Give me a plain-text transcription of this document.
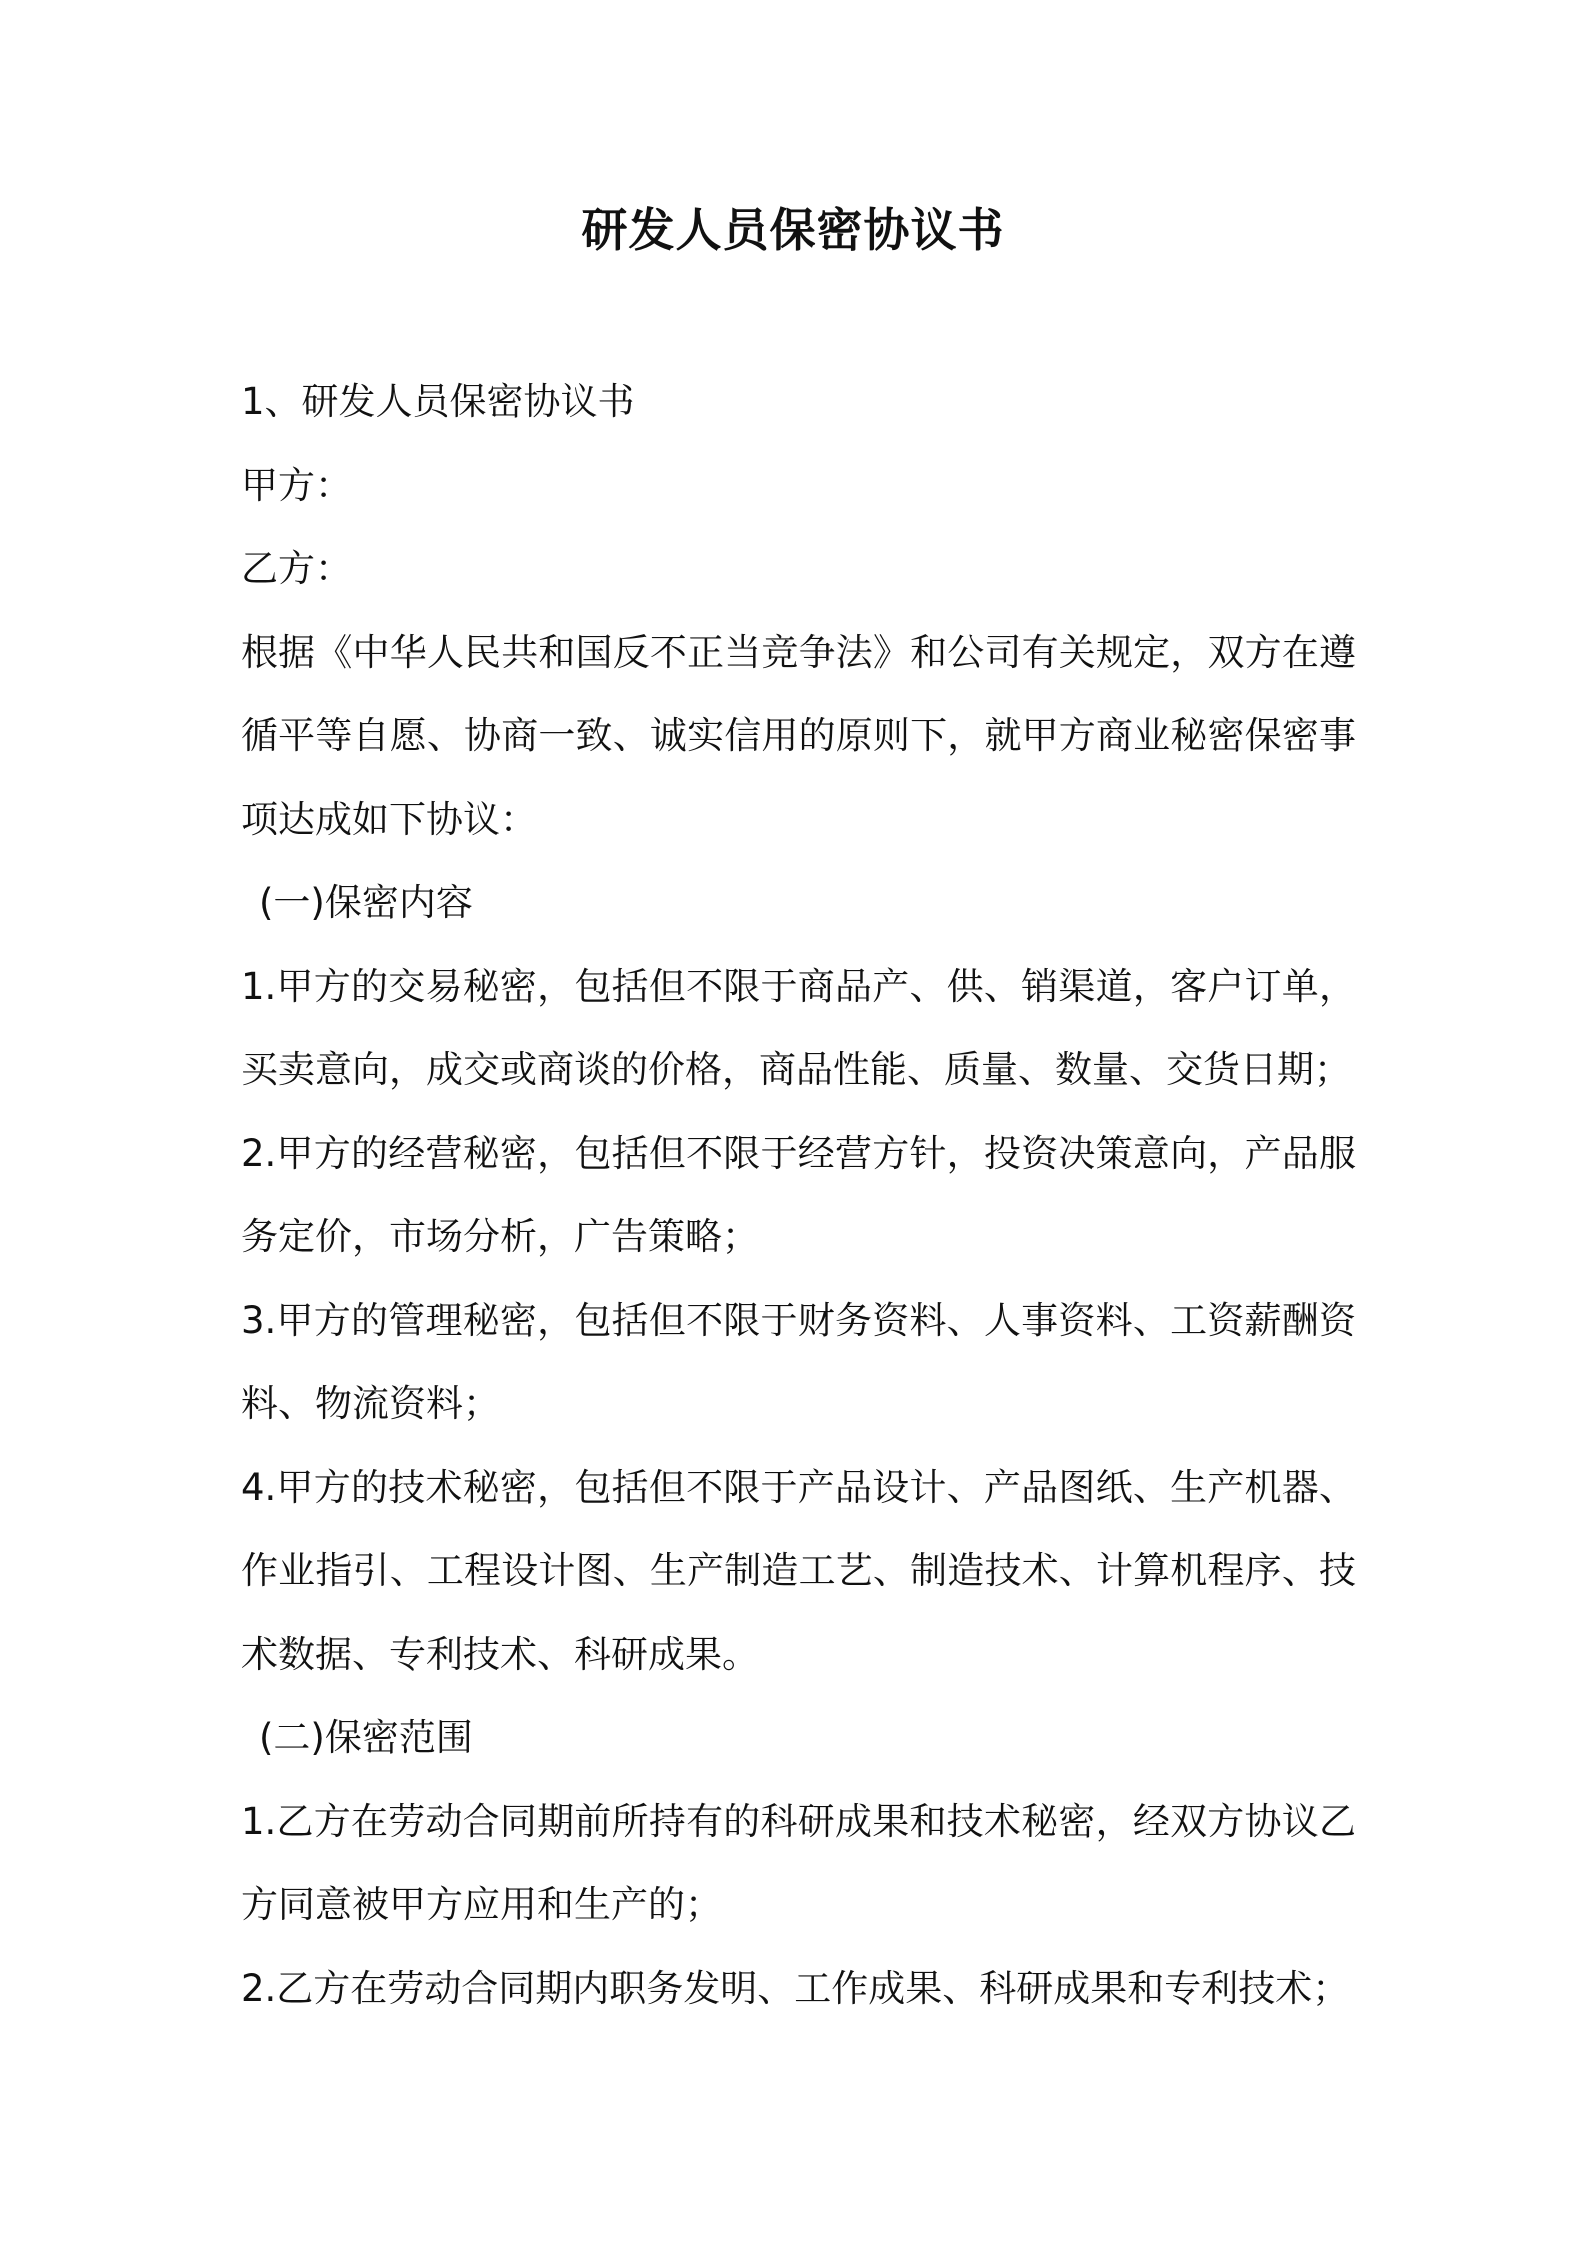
研发人员保密协议书

1、研发人员保密协议书

甲方：

乙方：

根据《中华人民共和国反不正当竞争法》和公司有关规定，双方在遵循平等自愿、协商一致、诚实信用的原则下，就甲方商业秘密保密事项达成如下协议：

(一)保密内容

1.甲方的交易秘密，包括但不限于商品产、供、销渠道，客户订单，买卖意向，成交或商谈的价格，商品性能、质量、数量、交货日期；

2.甲方的经营秘密，包括但不限于经营方针，投资决策意向，产品服务定价，市场分析，广告策略；

3.甲方的管理秘密，包括但不限于财务资料、人事资料、工资薪酬资料、物流资料；

4.甲方的技术秘密，包括但不限于产品设计、产品图纸、生产机器、作业指引、工程设计图、生产制造工艺、制造技术、计算机程序、技术数据、专利技术、科研成果。

(二)保密范围

1.乙方在劳动合同期前所持有的科研成果和技术秘密，经双方协议乙方同意被甲方应用和生产的；

2.乙方在劳动合同期内职务发明、工作成果、科研成果和专利技术；
